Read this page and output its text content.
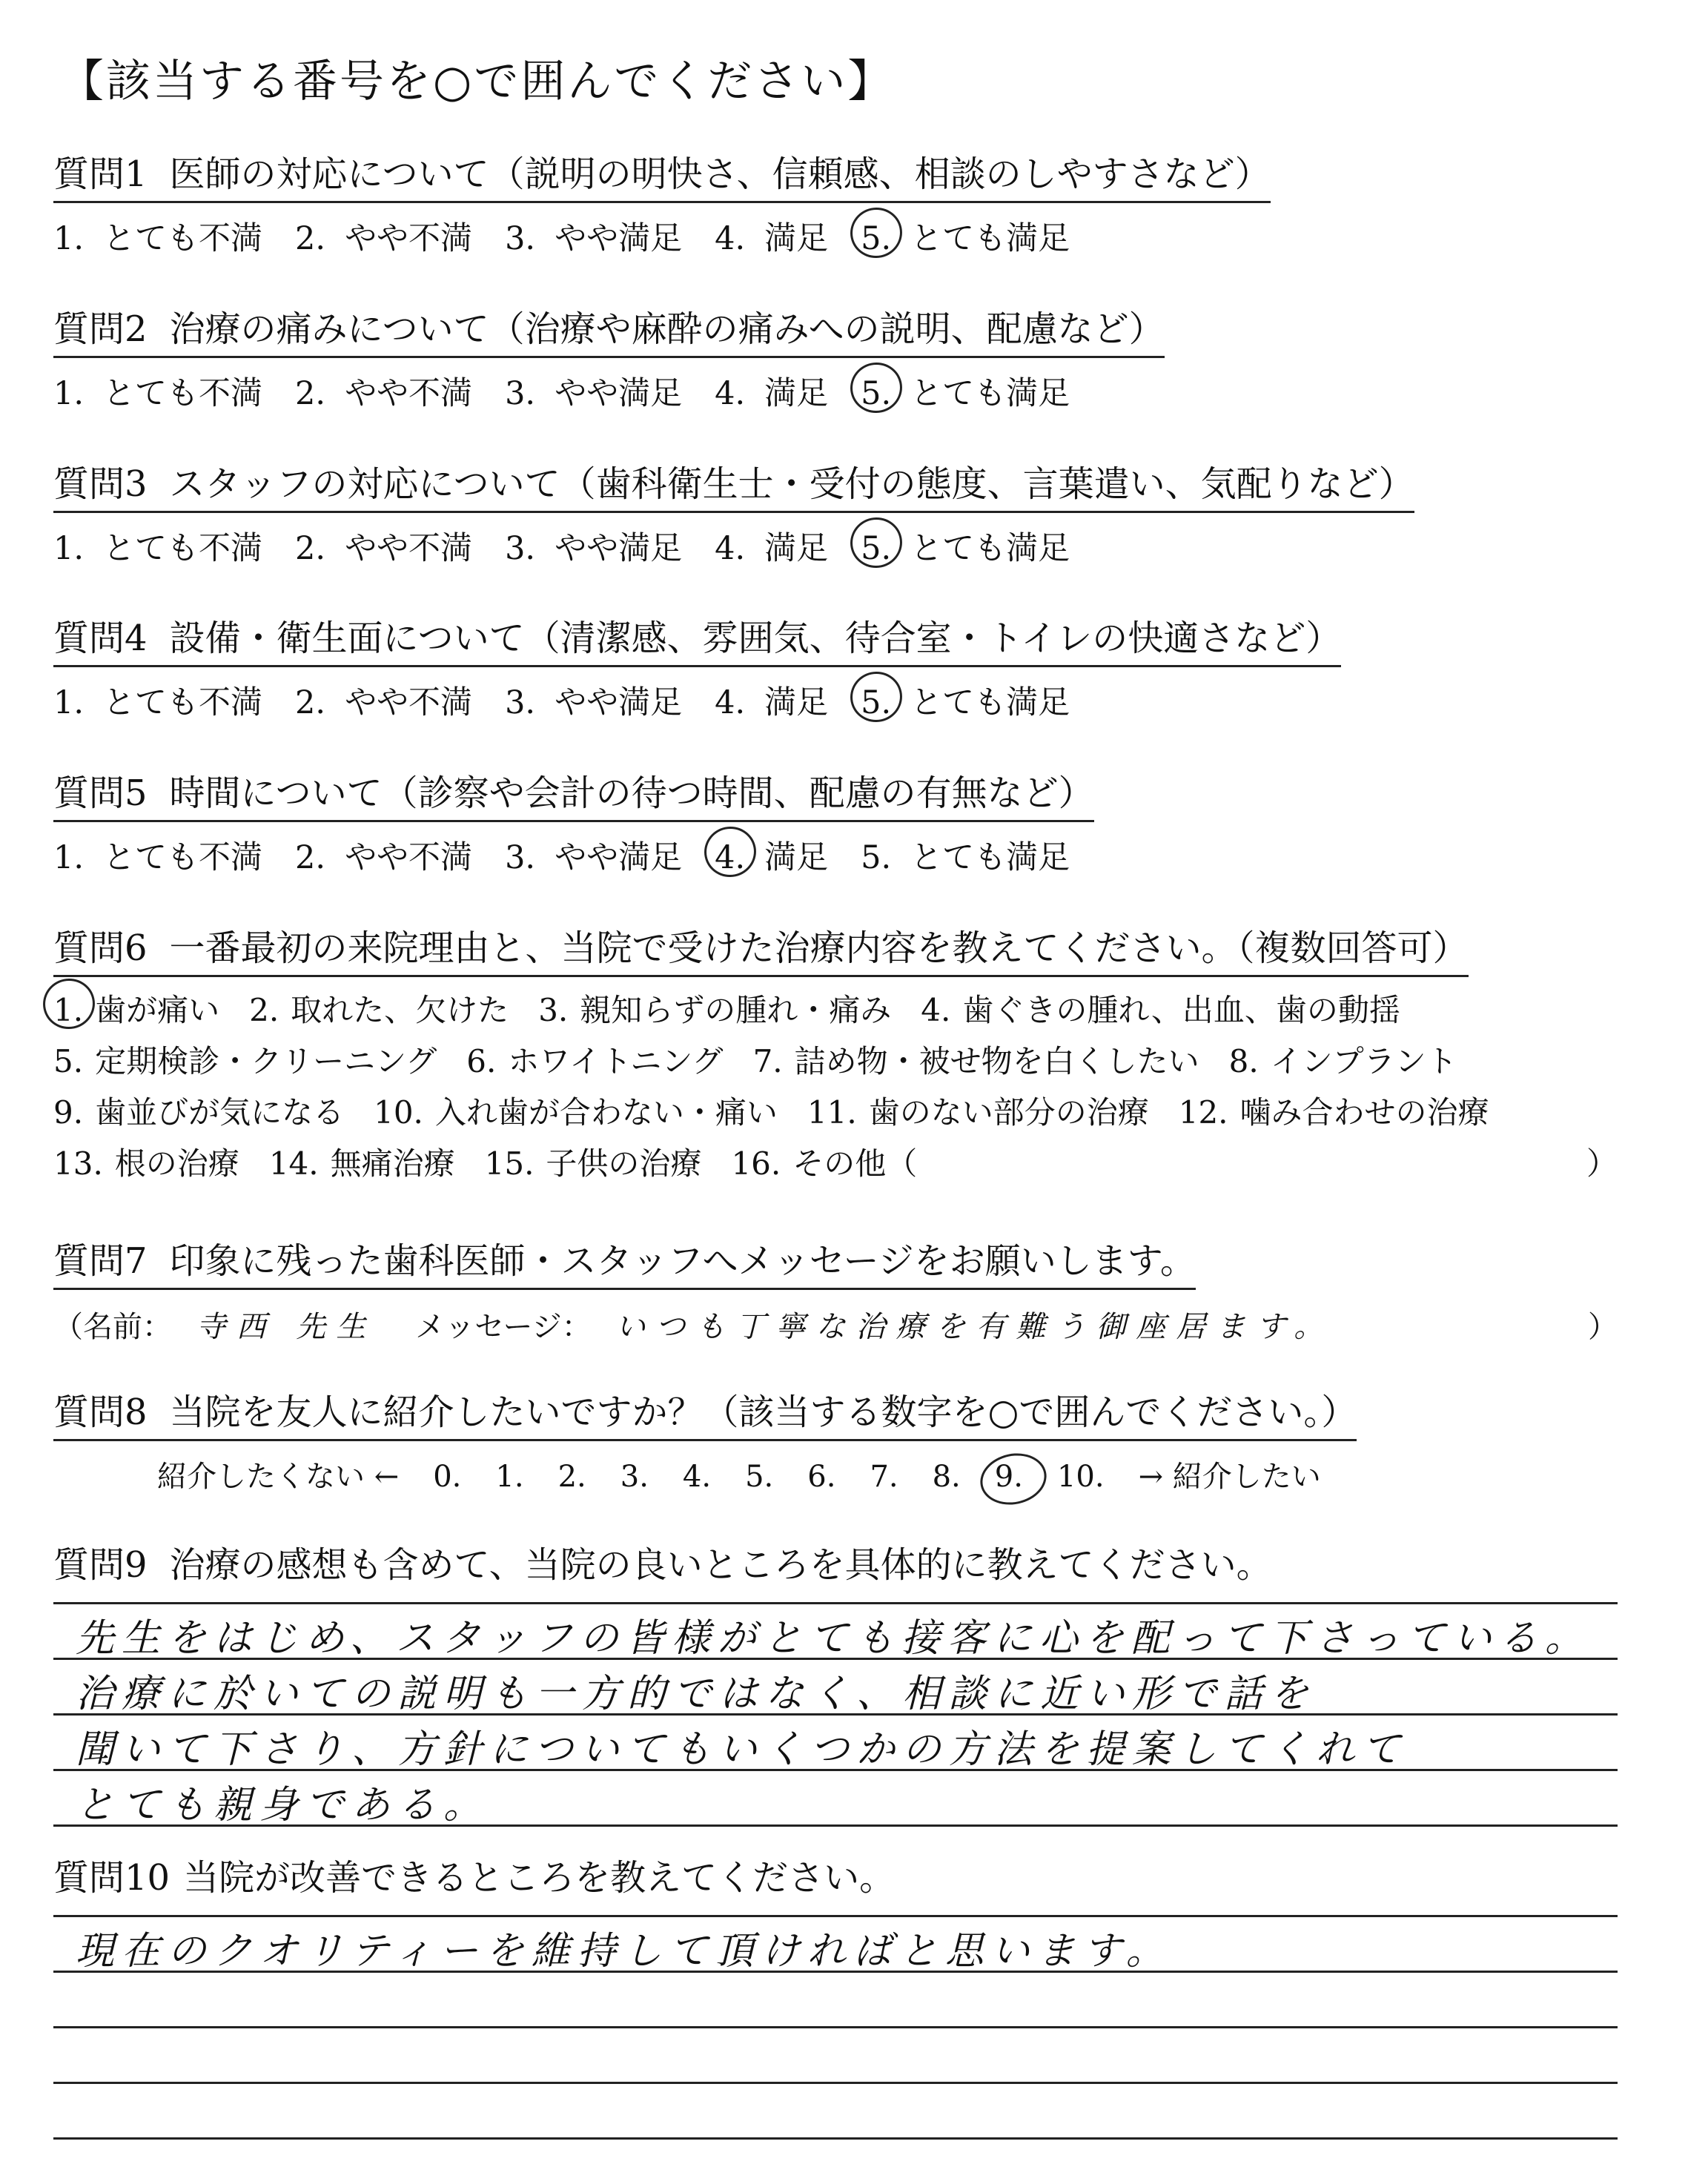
【該当する番号を○で囲んでください】
質問1 医師の対応について（説明の明快さ、信頼感、相談のしやすさなど）
1. とても不満 2. やや不満 3. やや満足 4. 満足 5. とても満足
質問2 治療の痛みについて（治療や麻酔の痛みへの説明、配慮など）
1. とても不満 2. やや不満 3. やや満足 4. 満足 5. とても満足
質問3 スタッフの対応について（歯科衛生士・受付の態度、言葉遣い、気配りなど）
1. とても不満 2. やや不満 3. やや満足 4. 満足 5. とても満足
質問4 設備・衛生面について（清潔感、雰囲気、待合室・トイレの快適さなど）
1. とても不満 2. やや不満 3. やや満足 4. 満足 5. とても満足
質問5 時間について（診察や会計の待つ時間、配慮の有無など）
1. とても不満 2. やや不満 3. やや満足 4. 満足 5. とても満足
質問6 一番最初の来院理由と、当院で受けた治療内容を教えてください。（複数回答可）
1. 歯が痛い 2. 取れた、欠けた 3. 親知らずの腫れ・痛み 4. 歯ぐきの腫れ、出血、歯の動揺
5. 定期検診・クリーニング 6. ホワイトニング 7. 詰め物・被せ物を白くしたい 8. インプラント
9. 歯並びが気になる 10. 入れ歯が合わない・痛い 11. 歯のない部分の治療 12. 噛み合わせの治療
13. 根の治療 14. 無痛治療 15. 子供の治療 16. その他（	）
質問7 印象に残った歯科医師・スタッフへメッセージをお願いします。
（名前： 寺西 先生 メッセージ： いつも丁寧な治療を有難う御座居ます。	）
質問8 当院を友人に紹介したいですか？（該当する数字を○で囲んでください。）
紹介したくない ← 0. 1. 2. 3. 4. 5. 6. 7. 8. 9. 10. → 紹介したい
質問9 治療の感想も含めて、当院の良いところを具体的に教えてください。
先生をはじめ、スタッフの皆様がとても接客に心を配って下さっている。
治療に於いての説明も一方的ではなく、相談に近い形で話を
聞いて下さり、方針についてもいくつかの方法を提案してくれて
とても親身である。
質問10 当院が改善できるところを教えてください。
現在のクオリティーを維持して頂ければと思います。
